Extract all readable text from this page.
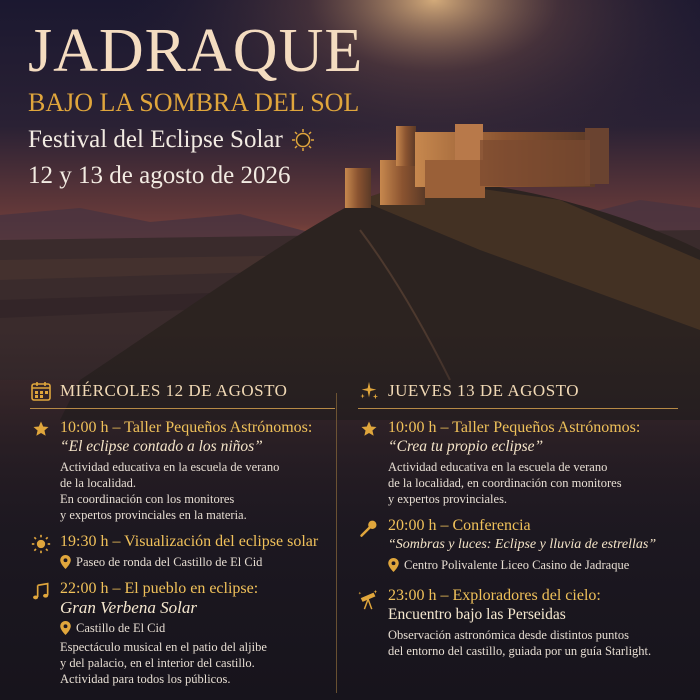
JADRAQUE
BAJO LA SOMBRA DEL SOL
Festival del Eclipse Solar
12 y 13 de agosto de 2026
MIÉRCOLES 12 DE AGOSTO
10:00 h – Taller Pequeños Astrónomos:
“El eclipse contado a los niños”
Actividad educativa en la escuela de verano
de la localidad.
En coordinación con los monitores
y expertos provinciales en la materia.
19:30 h – Visualización del eclipse solar
Paseo de ronda del Castillo de El Cid
22:00 h – El pueblo en eclipse:
Gran Verbena Solar
Castillo de El Cid
Espectáculo musical en el patio del aljibe
y del palacio, en el interior del castillo.
Actividad para todos los públicos.
JUEVES 13 DE AGOSTO
10:00 h – Taller Pequeños Astrónomos:
“Crea tu propio eclipse”
Actividad educativa en la escuela de verano
de la localidad, en coordinación con monitores
y expertos provinciales.
20:00 h – Conferencia
“Sombras y luces: Eclipse y lluvia de estrellas”
Centro Polivalente Liceo Casino de Jadraque
23:00 h – Exploradores del cielo:
Encuentro bajo las Perseidas
Observación astronómica desde distintos puntos
del entorno del castillo, guiada por un guía Starlight.
